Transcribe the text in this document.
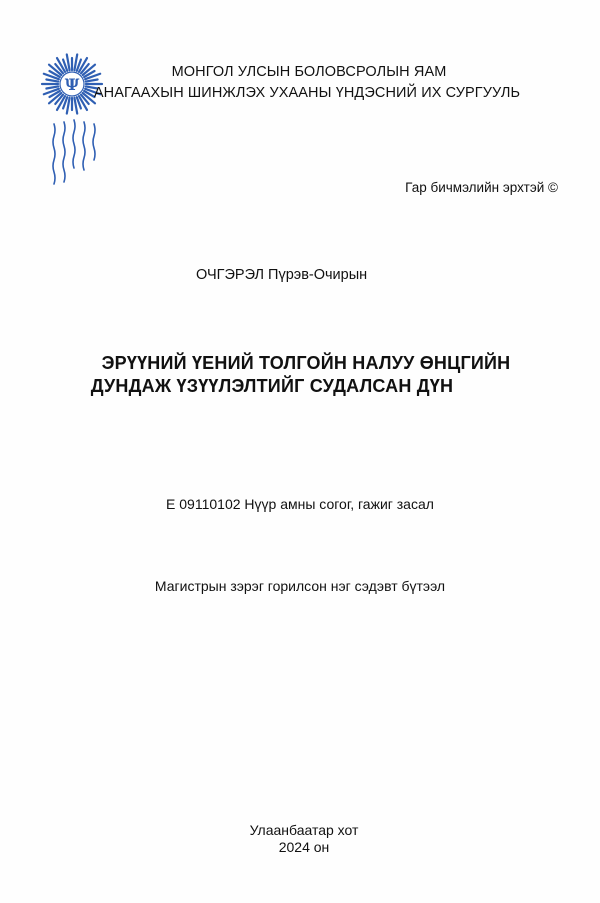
Ψ
МОНГОЛ УЛСЫН БОЛОВСРОЛЫН ЯАМ
АНАГААХЫН ШИНЖЛЭХ УХААНЫ ҮНДЭСНИЙ ИХ СУРГУУЛЬ
Гар бичмэлийн эрхтэй ©
ОЧГЭРЭЛ Пүрэв-Очирын
ЭРҮҮНИЙ ҮЕНИЙ ТОЛГОЙН НАЛУУ ӨНЦГИЙН
ДУНДАЖ ҮЗҮҮЛЭЛТИЙГ СУДАЛСАН ДҮН
Е 09110102 Нүүр амны согог, гажиг засал
Магистрын зэрэг горилсон нэг сэдэвт бүтээл
Улаанбаатар хот
2024 он
